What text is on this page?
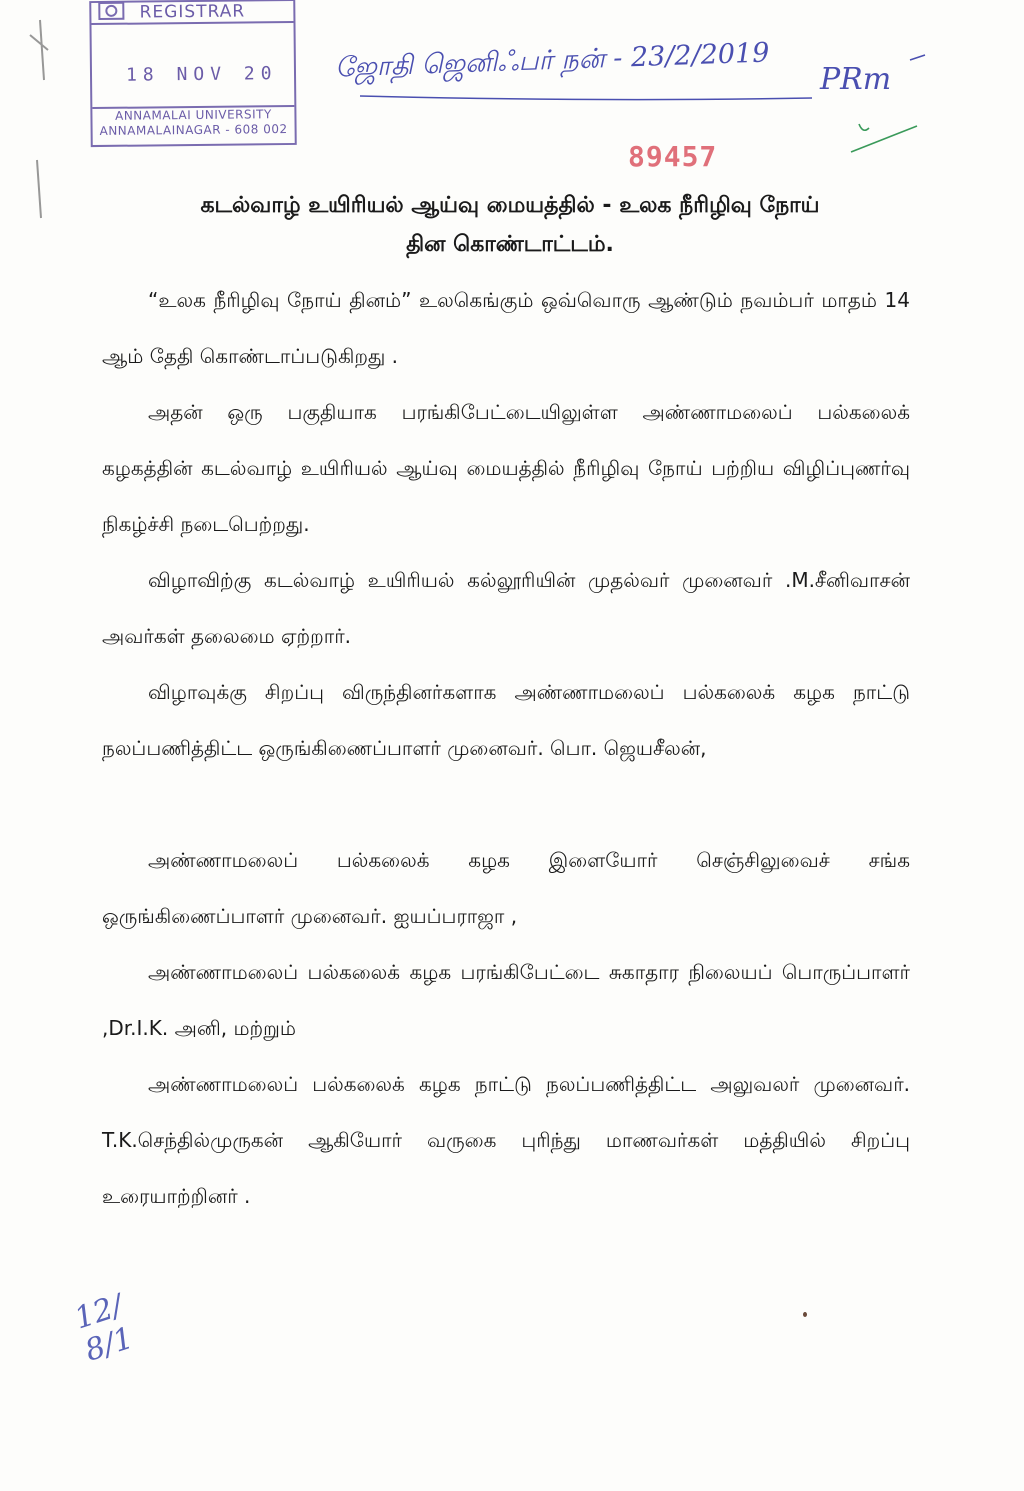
REGISTRAR
18 NOV 20
ANNAMALAI UNIVERSITY
ANNAMALAINAGAR - 608 002
ஜோதி ஜெனிஃபர் நன் - 23/2/2019 PRm
89457
கடல்வாழ் உயிரியல் ஆய்வு மையத்தில் - உலக நீரிழிவு நோய்
தின கொண்டாட்டம்.
“உலக நீரிழிவு நோய் தினம்” உலகெங்கும் ஒவ்வொரு ஆண்டும் நவம்பர் மாதம் 14 ஆம் தேதி கொண்டாப்படுகிறது .
அதன் ஒரு பகுதியாக பரங்கிபேட்டையிலுள்ள அண்ணாமலைப் பல்கலைக் கழகத்தின் கடல்வாழ் உயிரியல் ஆய்வு மையத்தில் நீரிழிவு நோய் பற்றிய விழிப்புணர்வு நிகழ்ச்சி நடைபெற்றது.
விழாவிற்கு கடல்வாழ் உயிரியல் கல்லூரியின் முதல்வர் முனைவர் .M.சீனிவாசன் அவர்கள் தலைமை ஏற்றார்.
விழாவுக்கு சிறப்பு விருந்தினர்களாக அண்ணாமலைப் பல்கலைக் கழக நாட்டு நலப்பணித்திட்ட ஒருங்கிணைப்பாளர் முனைவர். பொ. ஜெயசீலன்,
அண்ணாமலைப் பல்கலைக் கழக இளையோர் செஞ்சிலுவைச் சங்க ஒருங்கிணைப்பாளர் முனைவர். ஐயப்பராஜா ,
அண்ணாமலைப் பல்கலைக் கழக பரங்கிபேட்டை சுகாதார நிலையப் பொருப்பாளர் ,Dr.I.K. அனி, மற்றும்
அண்ணாமலைப் பல்கலைக் கழக நாட்டு நலப்பணித்திட்ட அலுவலர் முனைவர். T.K.செந்தில்முருகன் ஆகியோர் வருகை புரிந்து மாணவர்கள் மத்தியில் சிறப்பு உரையாற்றினர் .
12/
8/1
